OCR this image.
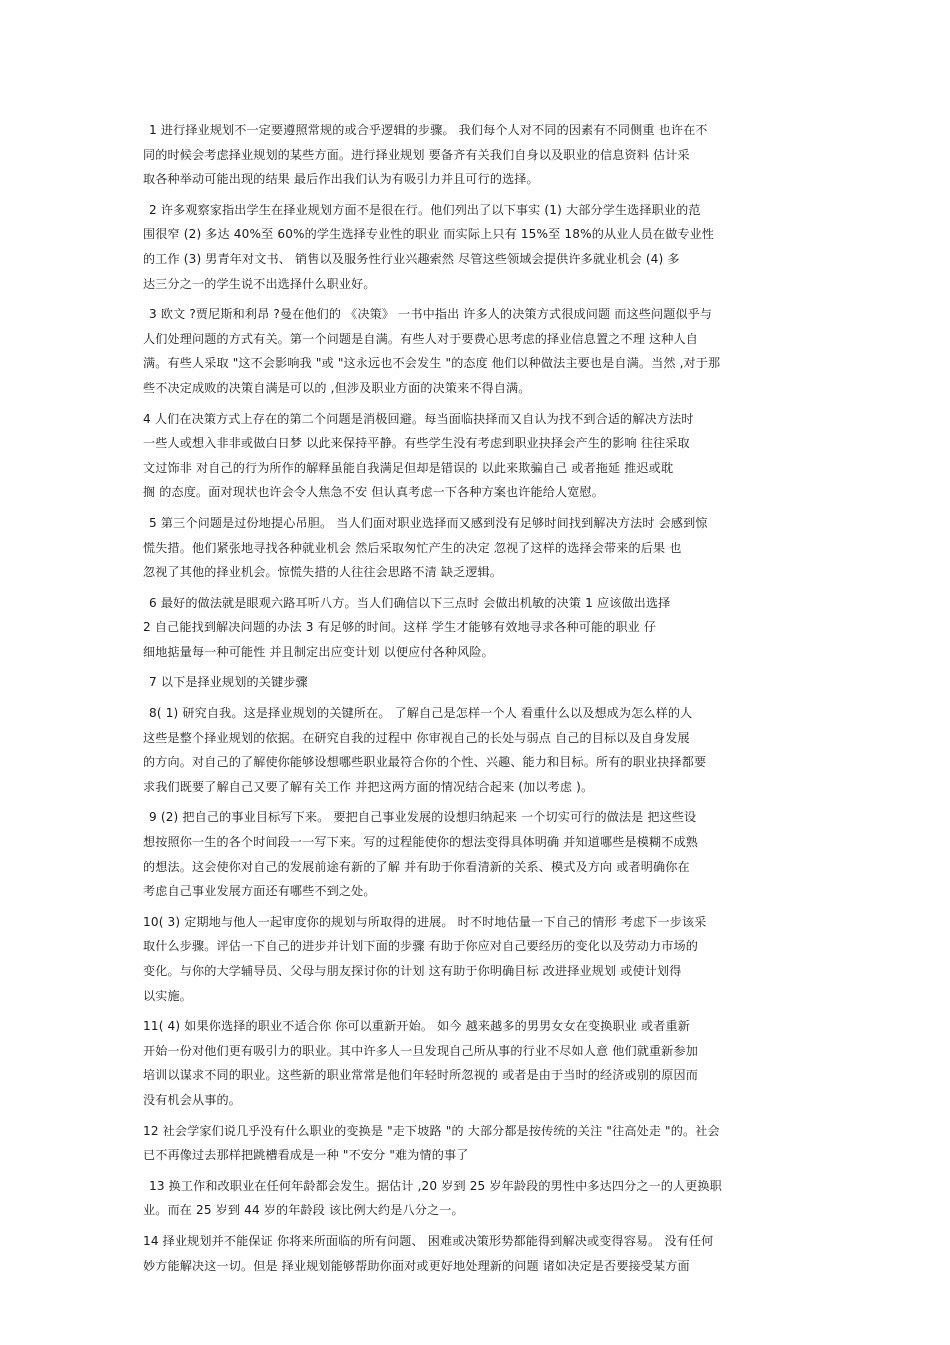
1 进行择业规划不一定要遵照常规的或合乎逻辑的步骤。 我们每个人对不同的因素有不同侧重 也许在不
同的时候会考虑择业规划的某些方面。进行择业规划 要备齐有关我们自身以及职业的信息资料 估计采
取各种举动可能出现的结果 最后作出我们认为有吸引力并且可行的选择。
2 许多观察家指出学生在择业规划方面不是很在行。他们列出了以下事实 (1) 大部分学生选择职业的范
围很窄 (2) 多达 40%至 60%的学生选择专业性的职业 而实际上只有 15%至 18%的从业人员在做专业性
的工作 (3) 男青年对文书、 销售以及服务性行业兴趣索然 尽管这些领域会提供许多就业机会 (4) 多
达三分之一的学生说不出选择什么职业好。
3 欧文 ?贾尼斯和利昂 ?曼在他们的 《决策》 一书中指出 许多人的决策方式很成问题 而这些问题似乎与
人们处理问题的方式有关。第一个问题是自满。有些人对于要费心思考虑的择业信息置之不理 这种人自
满。有些人采取 "这不会影响我 "或 "这永远也不会发生 "的态度 他们以种做法主要也是自满。当然 ,对于那
些不决定成败的决策自满是可以的 ,但涉及职业方面的决策来不得自满。
4 人们在决策方式上存在的第二个问题是消极回避。每当面临抉择而又自认为找不到合适的解决方法时
一些人或想入非非或做白日梦 以此来保持平静。有些学生没有考虑到职业抉择会产生的影响 往往采取
文过饰非 对自己的行为所作的解释虽能自我满足但却是错误的 以此来欺骗自己 或者拖延 推迟或耽
搁 的态度。面对现状也许会令人焦急不安 但认真考虑一下各种方案也许能给人宽慰。
5 第三个问题是过份地提心吊胆。 当人们面对职业选择而又感到没有足够时间找到解决方法时 会感到惊
慌失措。他们紧张地寻找各种就业机会 然后采取匆忙产生的决定 忽视了这样的选择会带来的后果 也
忽视了其他的择业机会。惊慌失措的人往往会思路不清 缺乏逻辑。
6 最好的做法就是眼观六路耳听八方。当人们确信以下三点时 会做出机敏的决策 1 应该做出选择
2 自己能找到解决问题的办法 3 有足够的时间。这样 学生才能够有效地寻求各种可能的职业 仔
细地掂量每一种可能性 并且制定出应变计划 以便应付各种风险。
7 以下是择业规划的关键步骤
8( 1) 研究自我。这是择业规划的关键所在。 了解自己是怎样一个人 看重什么以及想成为怎么样的人
这些是整个择业规划的依据。在研究自我的过程中 你审视自己的长处与弱点 自己的目标以及自身发展
的方向。对自己的了解使你能够设想哪些职业最符合你的个性、兴趣、能力和目标。所有的职业抉择都要
求我们既要了解自己又要了解有关工作 并把这两方面的情况结合起来 (加以考虑 )。
9 (2) 把自己的事业目标写下来。 要把自己事业发展的设想归纳起来 一个切实可行的做法是 把这些设
想按照你一生的各个时间段一一写下来。写的过程能使你的想法变得具体明确 并知道哪些是模糊不成熟
的想法。这会使你对自己的发展前途有新的了解 并有助于你看清新的关系、模式及方向 或者明确你在
考虑自己事业发展方面还有哪些不到之处。
10( 3) 定期地与他人一起审度你的规划与所取得的进展。 时不时地估量一下自己的情形 考虑下一步该采
取什么步骤。评估一下自己的进步并计划下面的步骤 有助于你应对自己要经历的变化以及劳动力市场的
变化。与你的大学辅导员、父母与朋友探讨你的计划 这有助于你明确目标 改进择业规划 或使计划得
以实施。
11( 4) 如果你选择的职业不适合你 你可以重新开始。 如今 越来越多的男男女女在变换职业 或者重新
开始一份对他们更有吸引力的职业。其中许多人一旦发现自己所从事的行业不尽如人意 他们就重新参加
培训以谋求不同的职业。这些新的职业常常是他们年轻时所忽视的 或者是由于当时的经济或别的原因而
没有机会从事的。
12 社会学家们说几乎没有什么职业的变换是 "走下坡路 "的 大部分都是按传统的关注 "往高处走 "的。社会
已不再像过去那样把跳槽看成是一种 "不安分 "难为情的事了
13 换工作和改职业在任何年龄都会发生。据估计 ,20 岁到 25 岁年龄段的男性中多达四分之一的人更换职
业。而在 25 岁到 44 岁的年龄段 该比例大约是八分之一。
14 择业规划并不能保证 你将来所面临的所有问题、 困难或决策形势都能得到解决或变得容易。 没有任何
妙方能解决这一切。但是 择业规划能够帮助你面对或更好地处理新的问题 诸如决定是否要接受某方面
